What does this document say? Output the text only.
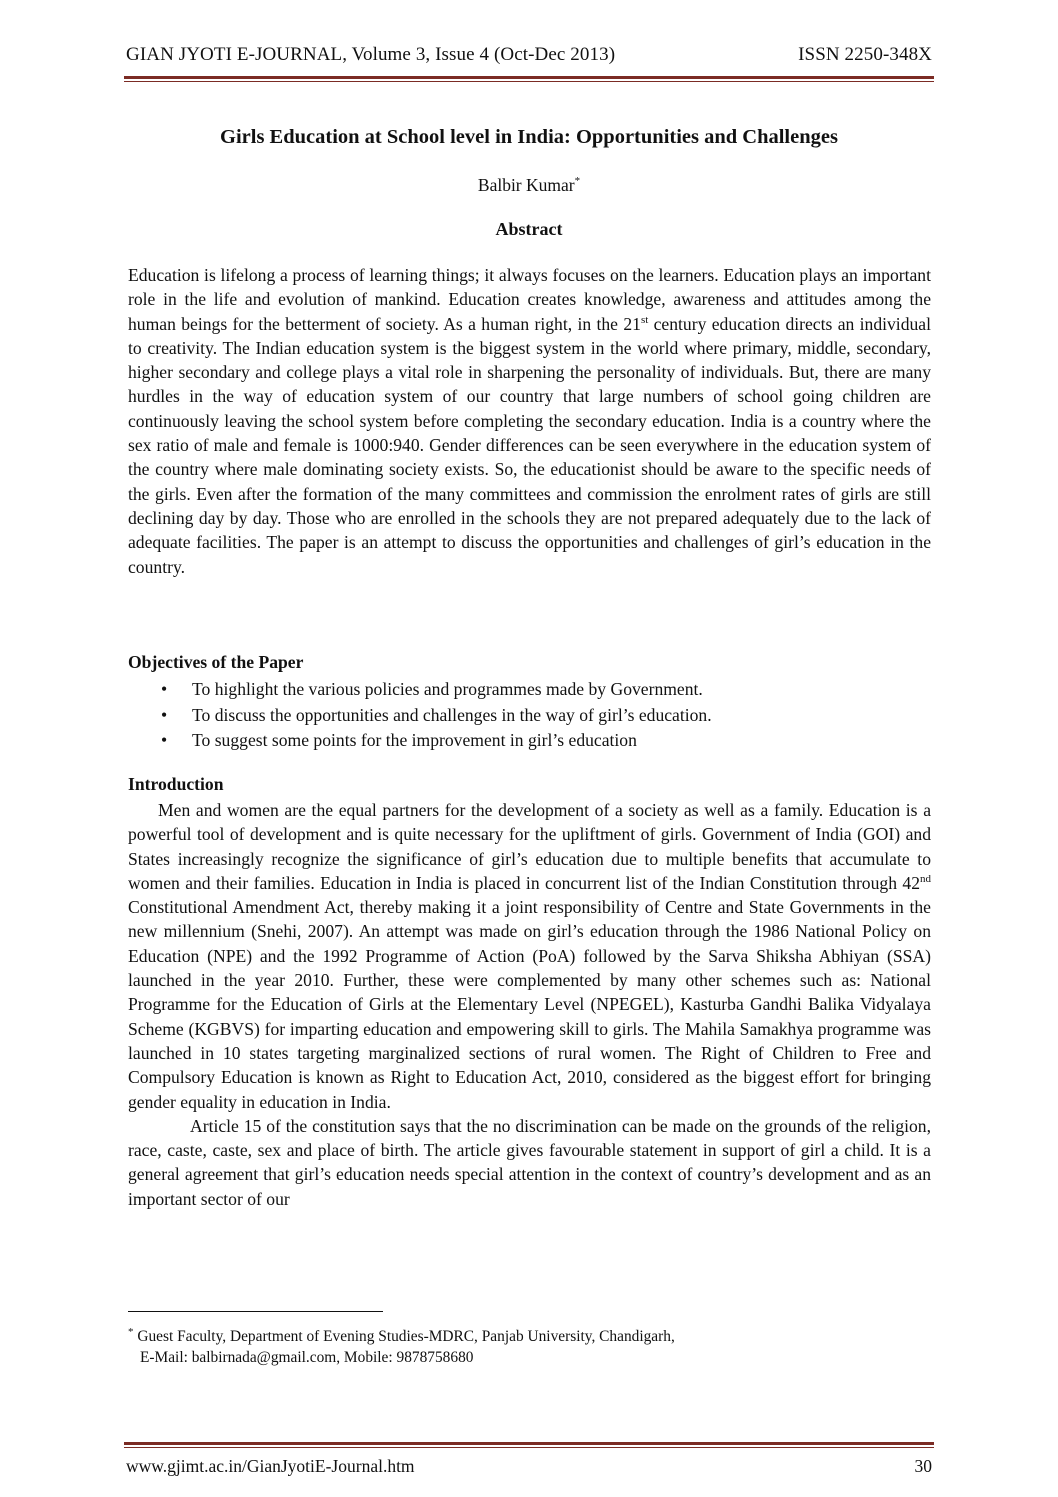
GIAN JYOTI E-JOURNAL, Volume 3, Issue 4 (Oct-Dec 2013)	ISSN 2250-348X
Girls Education at School level in India: Opportunities and Challenges
Balbir Kumar*
Abstract

Education is lifelong a process of learning things; it always focuses on the learners. Education plays an important role in the life and evolution of mankind. Education creates knowledge, awareness and attitudes among the human beings for the betterment of society. As a human right, in the 21st century education directs an individual to creativity. The Indian education system is the biggest system in the world where primary, middle, secondary, higher secondary and college plays a vital role in sharpening the personality of individuals. But, there are many hurdles in the way of education system of our country that large numbers of school going children are continuously leaving the school system before completing the secondary education. India is a country where the sex ratio of male and female is 1000:940. Gender differences can be seen everywhere in the education system of the country where male dominating society exists. So, the educationist should be aware to the specific needs of the girls. Even after the formation of the many committees and commission the enrolment rates of girls are still declining day by day. Those who are enrolled in the schools they are not prepared adequately due to the lack of adequate facilities. The paper is an attempt to discuss the opportunities and challenges of girl’s education in the country.

Objectives of the Paper
• To highlight the various policies and programmes made by Government.
• To discuss the opportunities and challenges in the way of girl’s education.
• To suggest some points for the improvement in girl’s education
Introduction

Men and women are the equal partners for the development of a society as well as a family. Education is a powerful tool of development and is quite necessary for the upliftment of girls. Government of India (GOI) and States increasingly recognize the significance of girl’s education due to multiple benefits that accumulate to women and their families. Education in India is placed in concurrent list of the Indian Constitution through 42nd Constitutional Amendment Act, thereby making it a joint responsibility of Centre and State Governments in the new millennium (Snehi, 2007). An attempt was made on girl’s education through the 1986 National Policy on Education (NPE) and the 1992 Programme of Action (PoA) followed by the Sarva Shiksha Abhiyan (SSA) launched in the year 2010. Further, these were complemented by many other schemes such as: National Programme for the Education of Girls at the Elementary Level (NPEGEL), Kasturba Gandhi Balika Vidyalaya Scheme (KGBVS) for imparting education and empowering skill to girls. The Mahila Samakhya programme was launched in 10 states targeting marginalized sections of rural women. The Right of Children to Free and Compulsory Education is known as Right to Education Act, 2010, considered as the biggest effort for bringing gender equality in education in India.

Article 15 of the constitution says that the no discrimination can be made on the grounds of the religion, race, caste, caste, sex and place of birth. The article gives favourable statement in support of girl a child. It is a general agreement that girl’s education needs special attention in the context of country’s development and as an important sector of our

* Guest Faculty, Department of Evening Studies-MDRC, Panjab University, Chandigarh,
E-Mail: balbirnada@gmail.com, Mobile: 9878758680
www.gjimt.ac.in/GianJyotiE-Journal.htm	30
